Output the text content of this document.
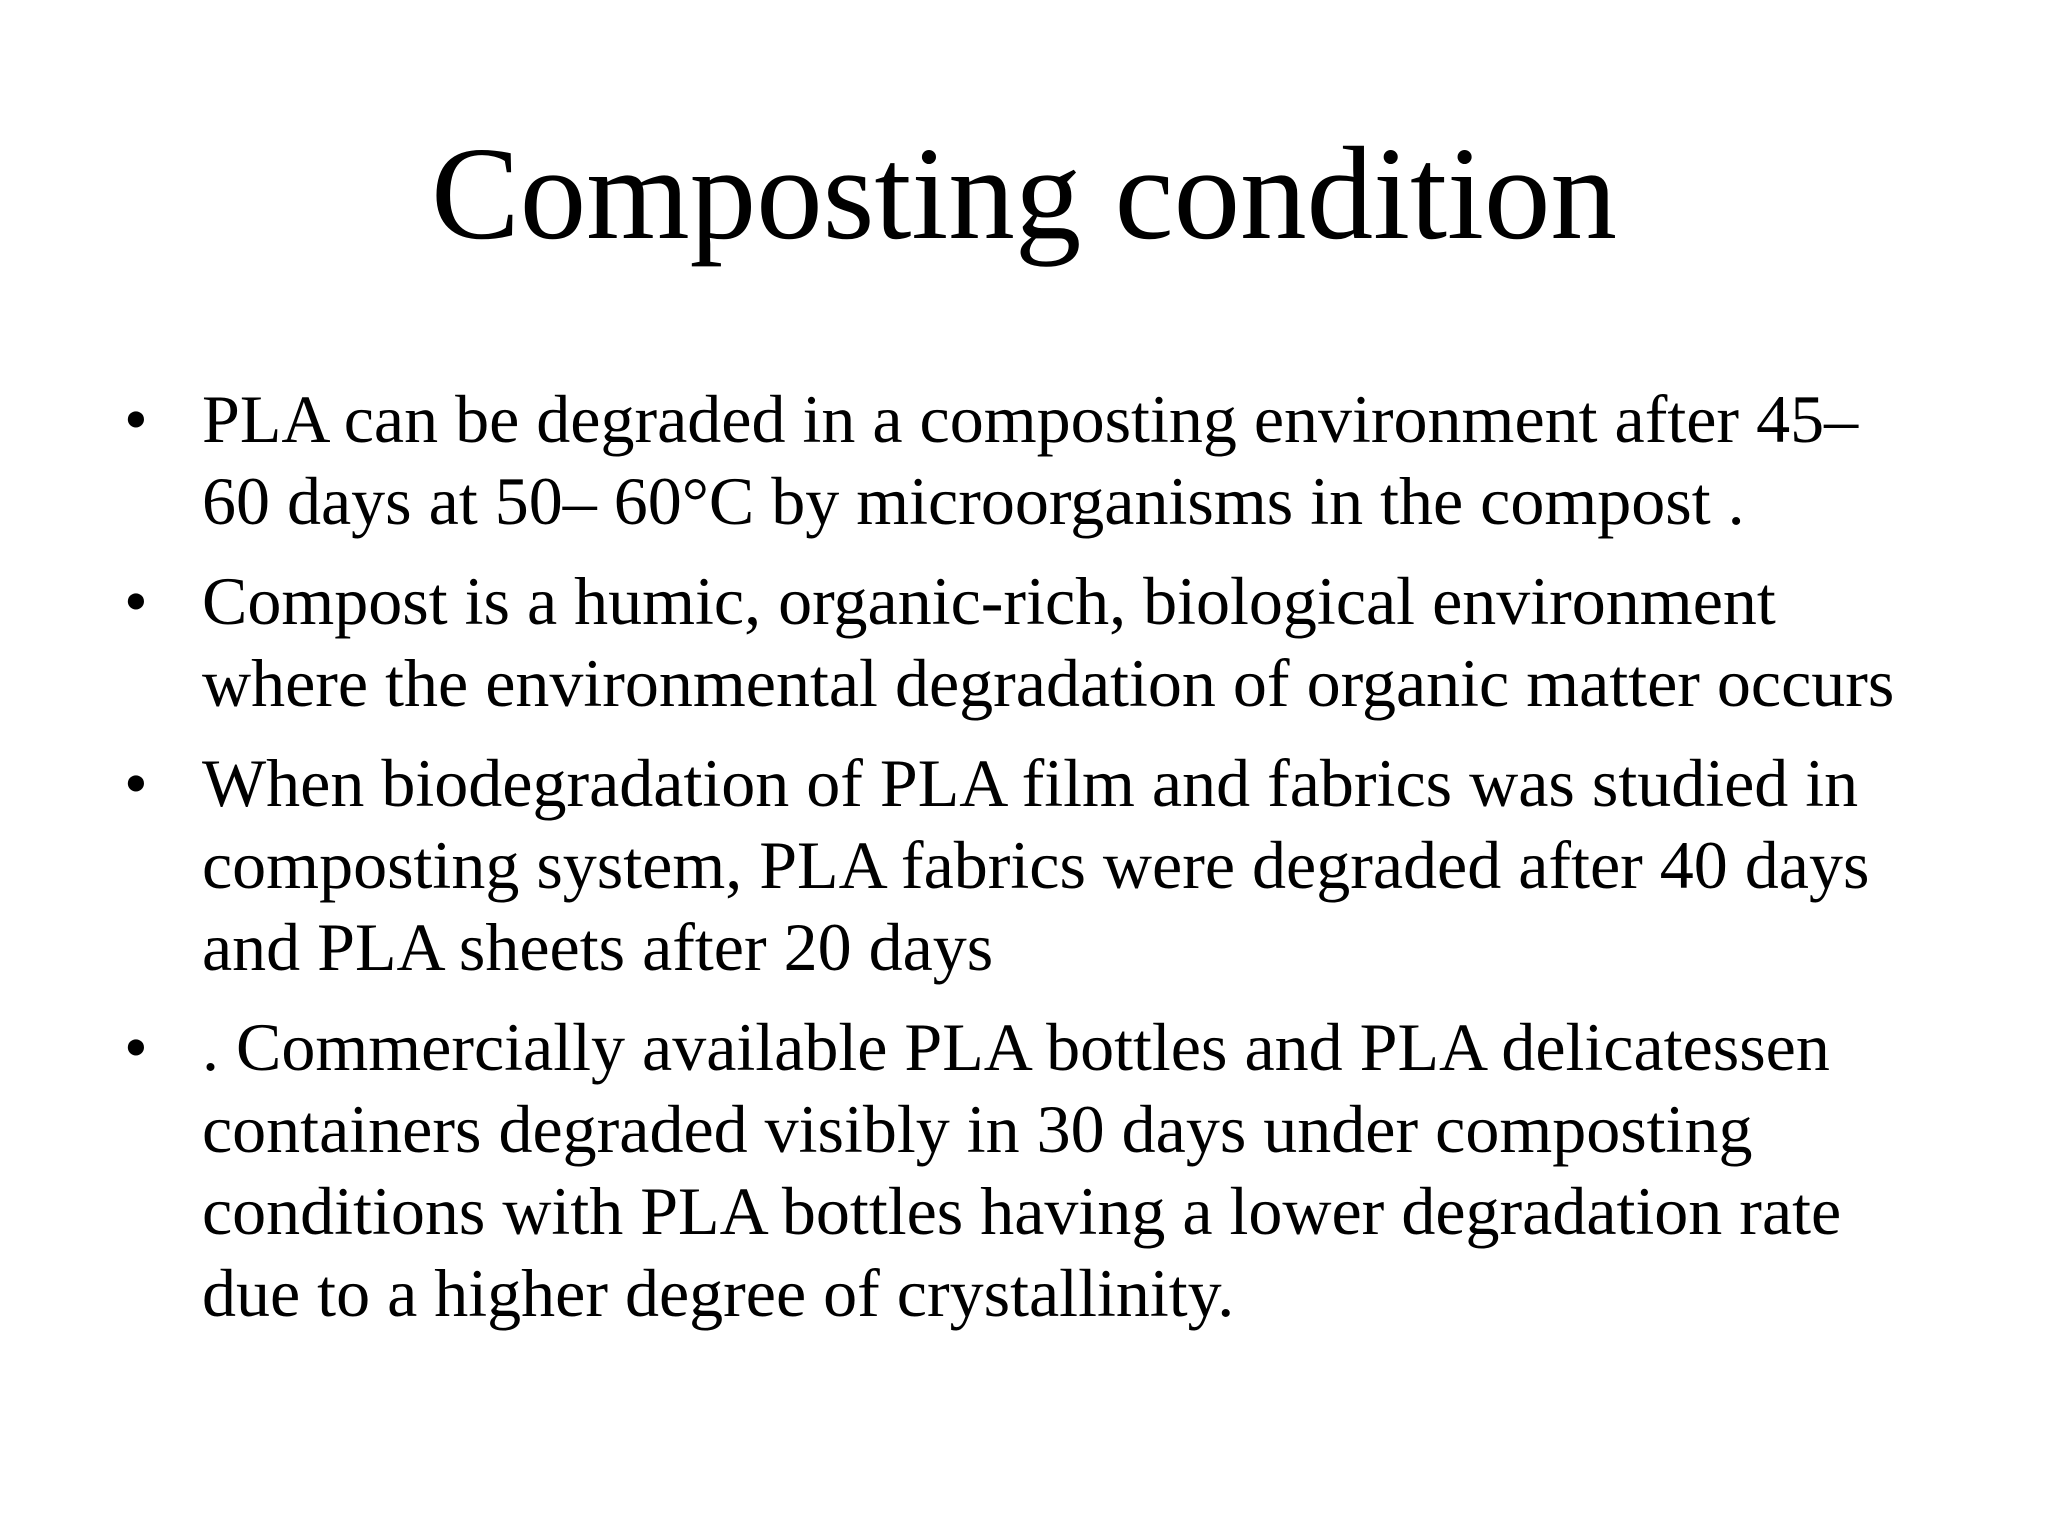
Composting condition
• PLA can be degraded in a composting environment after 45– 60 days at 50– 60°C by microorganisms in the compost .
• Compost is a humic, organic-rich, biological environment where the environmental degradation of organic matter occurs
• When biodegradation of PLA film and fabrics was studied in composting system, PLA fabrics were degraded after 40 days and PLA sheets after 20 days
• . Commercially available PLA bottles and PLA delicatessen containers degraded visibly in 30 days under composting conditions with PLA bottles having a lower degradation rate due to a higher degree of crystallinity.
